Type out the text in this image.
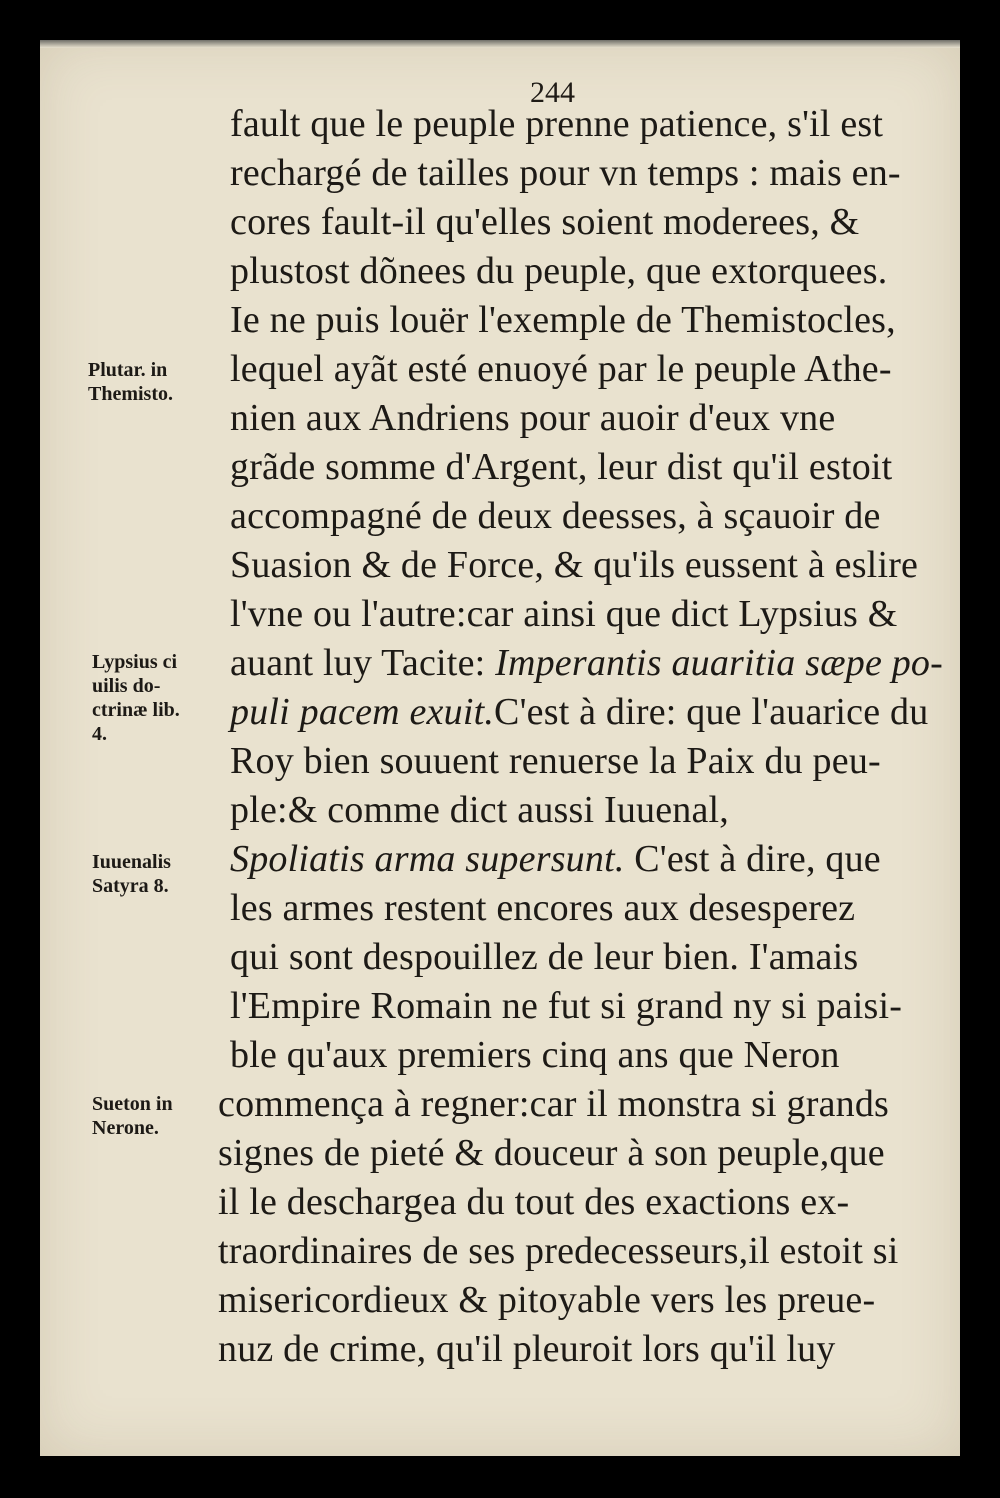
244
fault que le peuple prenne patience, s'il est
rechargé de tailles pour vn temps : mais en-
cores fault-il qu'elles soient moderees, &
plustost dõnees du peuple, que extorquees.
Ie ne puis louër l'exemple de Themistocles,
lequel ayãt esté enuoyé par le peuple Athe-
nien aux Andriens pour auoir d'eux vne
grãde somme d'Argent, leur dist qu'il estoit
accompagné de deux deesses, à sçauoir de
Suasion & de Force, & qu'ils eussent à eslire
l'vne ou l'autre:car ainsi que dict Lypsius &
auant luy Tacite: Imperantis auaritia sæpe po-
puli pacem exuit.C'est à dire: que l'auarice du
Roy bien souuent renuerse la Paix du peu-
ple:& comme dict aussi Iuuenal,
Spoliatis arma supersunt. C'est à dire, que
les armes restent encores aux desesperez
qui sont despouillez de leur bien. I'amais
l'Empire Romain ne fut si grand ny si paisi-
ble qu'aux premiers cinq ans que Neron
commença à regner:car il monstra si grands
signes de pieté & douceur à son peuple,que
il le deschargea du tout des exactions ex-
traordinaires de ses predecesseurs,il estoit si
misericordieux & pitoyable vers les preue-
nuz de crime, qu'il pleuroit lors qu'il luy
Plutar. in
Themisto.
Lypsius ci
uilis do-
ctrinæ lib.
4.
Iuuenalis
Satyra 8.
Sueton in
Nerone.
